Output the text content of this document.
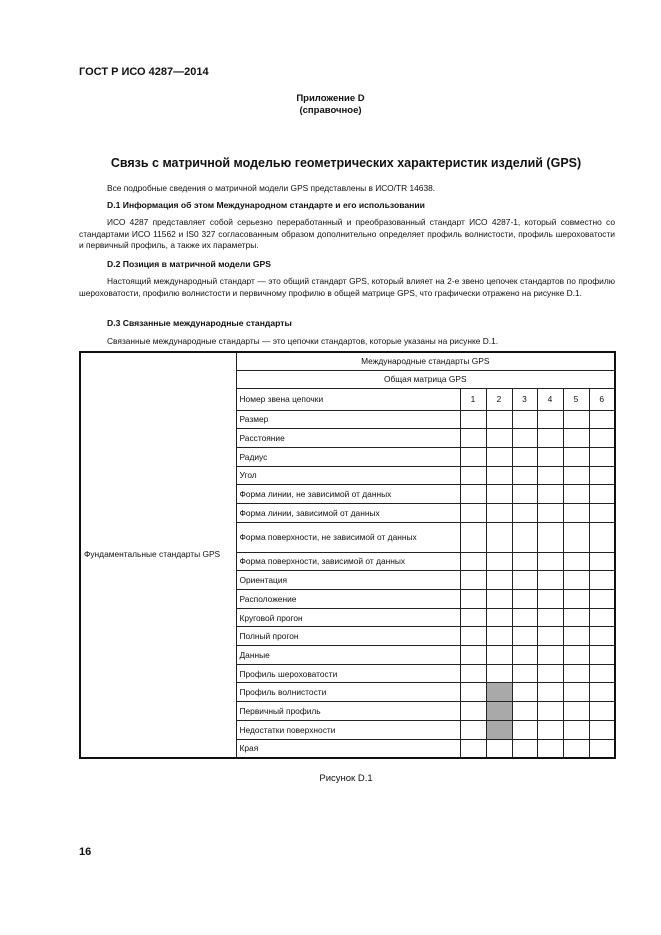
ГОСТ Р ИСО 4287—2014
Приложение D
(справочное)
Связь с матричной моделью геометрических характеристик изделий (GPS)
Все подробные сведения о матричной модели GPS представлены в ИСО/TR 14638.
D.1 Информация об этом Международном стандарте и его использовании
ИСО 4287 представляет собой серьезно переработанный и преобразованный стандарт ИСО 4287-1, который совместно со стандартами ИСО 11562 и IS0 327 согласованным образом дополнительно определяет профиль волнистости, профиль шероховатости и первичный профиль, а также их параметры.
D.2 Позиция в матричной модели GPS
Настоящий международный стандарт — это общий стандарт GPS, который влияет на 2-е звено цепочек стандартов по профилю шероховатости, профилю волнистости и первичному профилю в общей матрице GPS, что графически отражено на рисунке D.1.
D.3 Связанные международные стандарты
Связанные международные стандарты — это цепочки стандартов, которые указаны на рисунке D.1.
Фундаментальные стандарты GPS	Международные стандарты GPS						
	Общая матрица GPS						
	Номер звена цепочки	1	2	3	4	5	6
	Размер						
	Расстояние						
	Радиус						
	Угол						
	Форма линии, не зависимой от данных						
	Форма линии, зависимой от данных						
	Форма поверхности, не зависимой от данных						
	Форма поверхности, зависимой от данных						
	Ориентация						
	Расположение						
	Круговой прогон						
	Полный прогон						
	Данные						
	Профиль шероховатости						
	Профиль волнистости						
	Первичный профиль						
	Недостатки поверхности						
	Края						
Рисунок D.1
16
